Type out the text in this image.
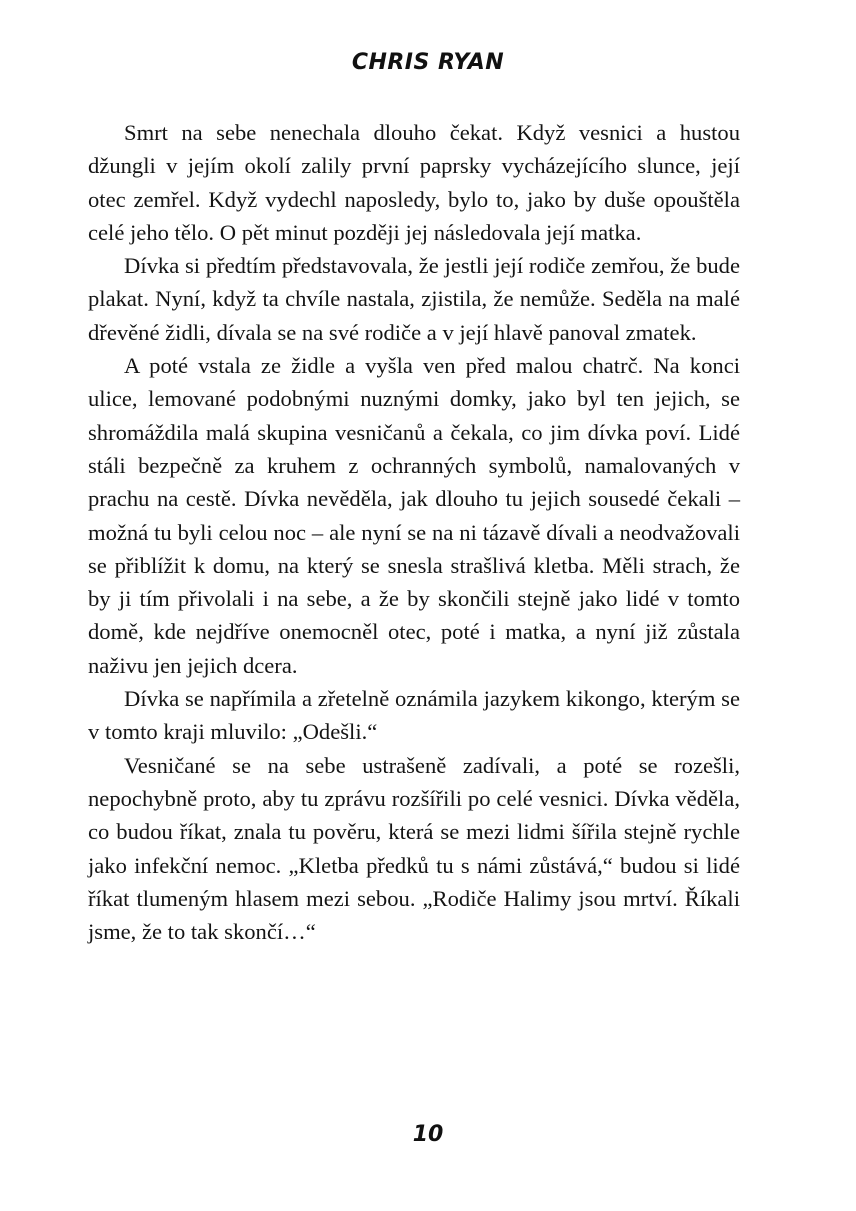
CHRIS RYAN

Smrt na sebe nenechala dlouho čekat. Když vesnici a hustou džungli v jejím okolí zalily první paprsky vycházejícího slunce, její otec zemřel. Když vydechl naposledy, bylo to, jako by duše opouštěla celé jeho tělo. O pět minut později jej následovala její matka.

Dívka si předtím představovala, že jestli její rodiče zemřou, že bude plakat. Nyní, když ta chvíle nastala, zjistila, že nemůže. Seděla na malé dřevěné židli, dívala se na své rodiče a v její hlavě panoval zmatek.

A poté vstala ze židle a vyšla ven před malou chatrč. Na konci ulice, lemované podobnými nuznými domky, jako byl ten jejich, se shromáždila malá skupina vesničanů a čekala, co jim dívka poví. Lidé stáli bezpečně za kruhem z ochranných symbolů, namalovaných v prachu na cestě. Dívka nevěděla, jak dlouho tu jejich sousedé čekali – možná tu byli celou noc – ale nyní se na ni tázavě dívali a neodvažovali se přiblížit k domu, na který se snesla strašlivá kletba. Měli strach, že by ji tím přivolali i na sebe, a že by skončili stejně jako lidé v tomto domě, kde nejdříve onemocněl otec, poté i matka, a nyní již zůstala naživu jen jejich dcera.

Dívka se napřímila a zřetelně oznámila jazykem kikongo, kterým se v tomto kraji mluvilo: „Odešli.“

Vesničané se na sebe ustrašeně zadívali, a poté se rozešli, nepochybně proto, aby tu zprávu rozšířili po celé vesnici. Dívka věděla, co budou říkat, znala tu pověru, která se mezi lidmi šířila stejně rychle jako infekční nemoc. „Kletba předků tu s námi zůstává,“ budou si lidé říkat tlumeným hlasem mezi sebou. „Rodiče Halimy jsou mrtví. Říkali jsme, že to tak skončí…“

10
